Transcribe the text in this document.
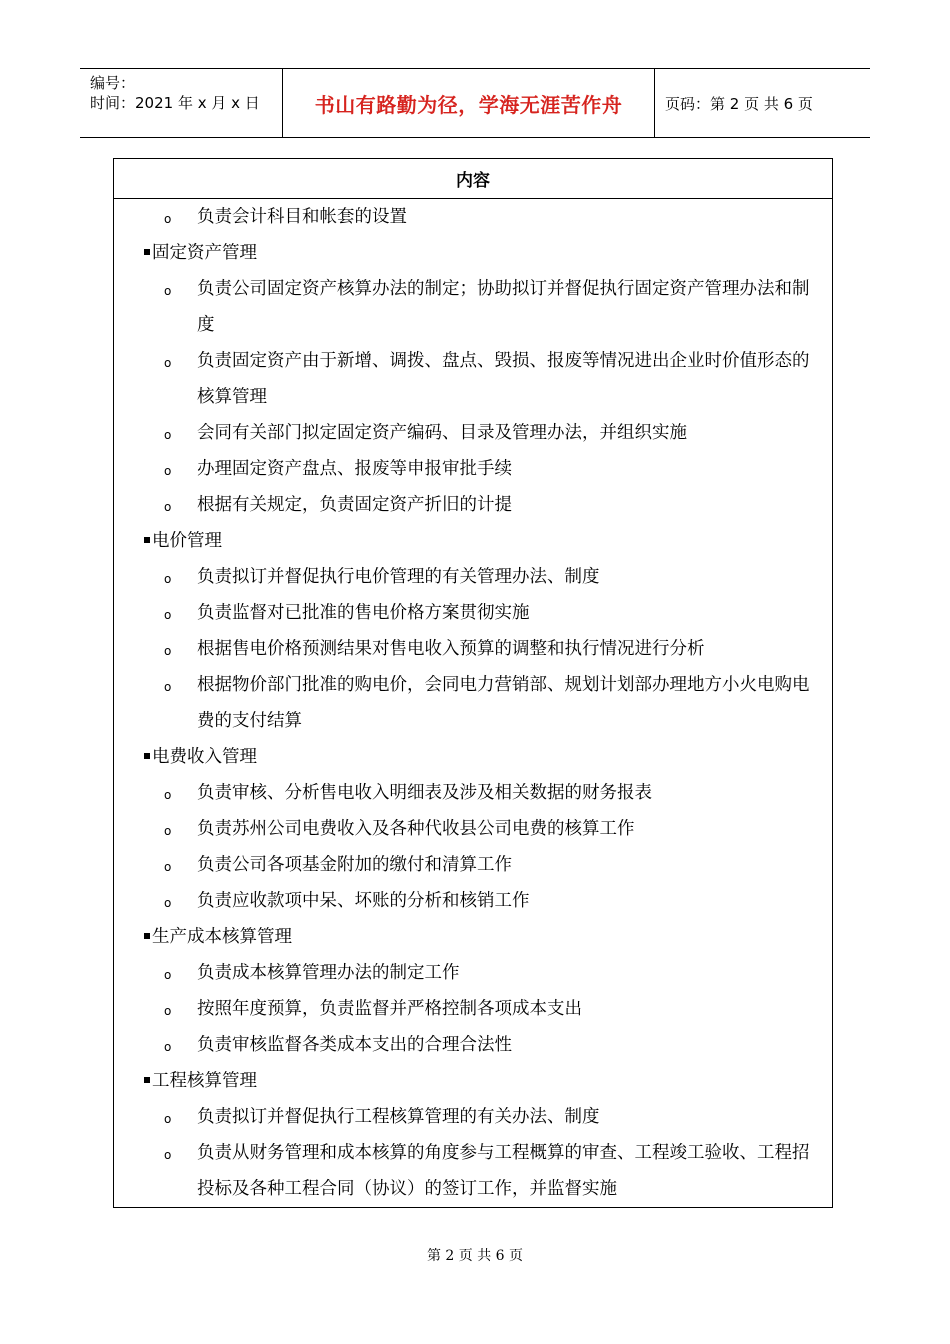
编号：
时间：2021 年 x 月 x 日	书山有路勤为径，学海无涯苦作舟	页码：第 2 页 共 6 页
内容
o 负责会计科目和帐套的设置
固定资产管理
o 负责公司固定资产核算办法的制定；协助拟订并督促执行固定资产管理办法和制度
o 负责固定资产由于新增、调拨、盘点、毁损、报废等情况进出企业时价值形态的核算管理
o 会同有关部门拟定固定资产编码、目录及管理办法，并组织实施
o 办理固定资产盘点、报废等申报审批手续
o 根据有关规定，负责固定资产折旧的计提
电价管理
o 负责拟订并督促执行电价管理的有关管理办法、制度
o 负责监督对已批准的售电价格方案贯彻实施
o 根据售电价格预测结果对售电收入预算的调整和执行情况进行分析
o 根据物价部门批准的购电价，会同电力营销部、规划计划部办理地方小火电购电费的支付结算
电费收入管理
o 负责审核、分析售电收入明细表及涉及相关数据的财务报表
o 负责苏州公司电费收入及各种代收县公司电费的核算工作
o 负责公司各项基金附加的缴付和清算工作
o 负责应收款项中呆、坏账的分析和核销工作
生产成本核算管理
o 负责成本核算管理办法的制定工作
o 按照年度预算，负责监督并严格控制各项成本支出
o 负责审核监督各类成本支出的合理合法性
工程核算管理
o 负责拟订并督促执行工程核算管理的有关办法、制度
o 负责从财务管理和成本核算的角度参与工程概算的审查、工程竣工验收、工程招投标及各种工程合同（协议）的签订工作，并监督实施
第 2 页 共 6 页
